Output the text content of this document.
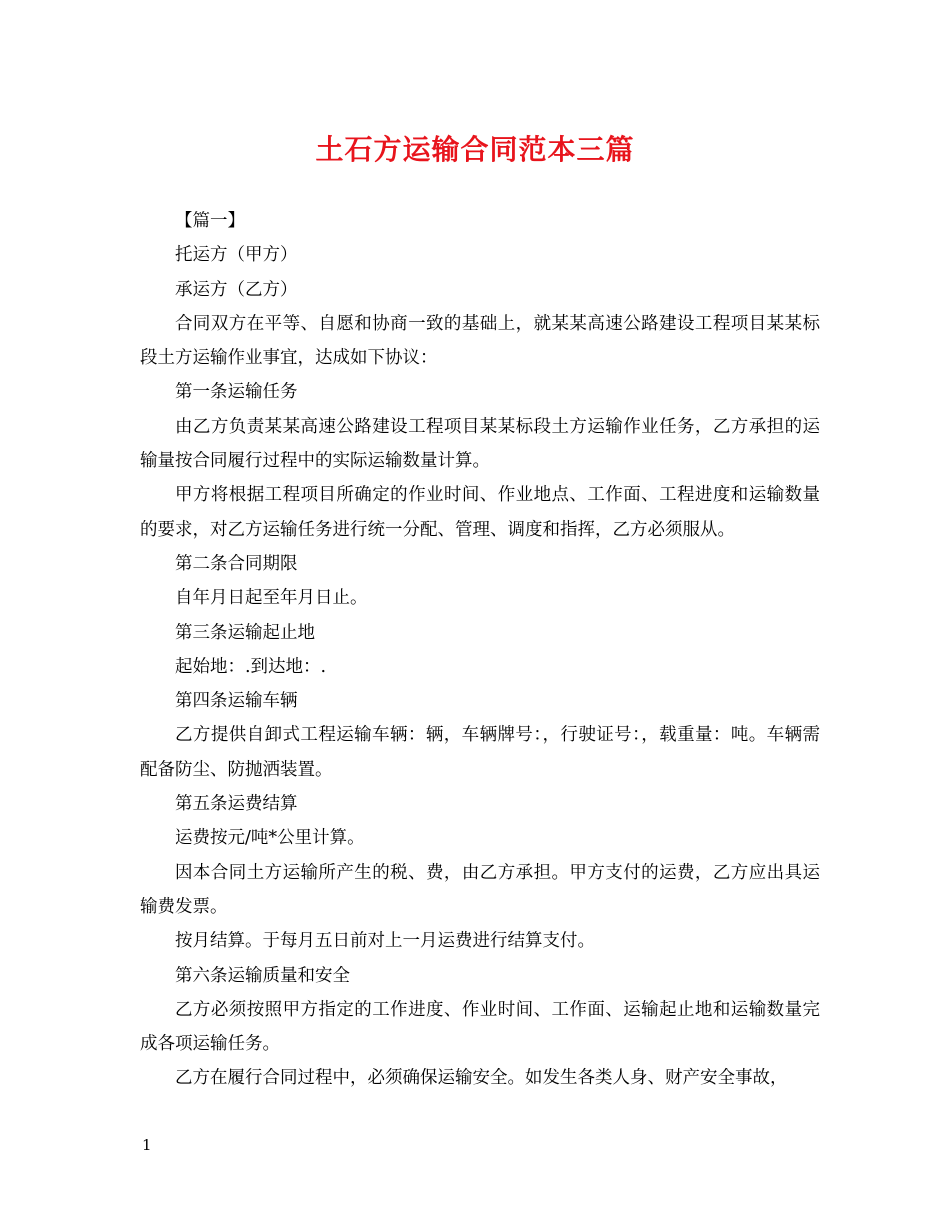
土石方运输合同范本三篇

【篇一】

托运方（甲方）

承运方（乙方）

合同双方在平等、自愿和协商一致的基础上，就某某高速公路建设工程项目某某标段土方运输作业事宜，达成如下协议：

第一条运输任务

由乙方负责某某高速公路建设工程项目某某标段土方运输作业任务，乙方承担的运输量按合同履行过程中的实际运输数量计算。

甲方将根据工程项目所确定的作业时间、作业地点、工作面、工程进度和运输数量的要求，对乙方运输任务进行统一分配、管理、调度和指挥，乙方必须服从。

第二条合同期限

自年月日起至年月日止。

第三条运输起止地

起始地：.到达地：.

第四条运输车辆

乙方提供自卸式工程运输车辆：辆，车辆牌号：，行驶证号：，载重量：吨。车辆需配备防尘、防抛洒装置。

第五条运费结算

运费按元/吨*公里计算。

因本合同土方运输所产生的税、费，由乙方承担。甲方支付的运费，乙方应出具运输费发票。

按月结算。于每月五日前对上一月运费进行结算支付。

第六条运输质量和安全

乙方必须按照甲方指定的工作进度、作业时间、工作面、运输起止地和运输数量完成各项运输任务。

乙方在履行合同过程中，必须确保运输安全。如发生各类人身、财产安全事故，

1
